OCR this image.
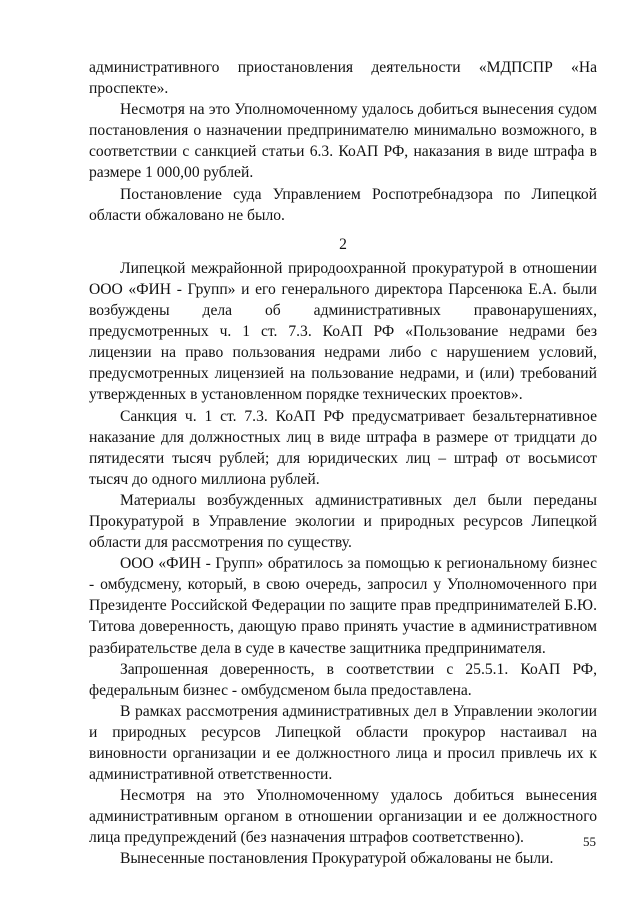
административного приостановления деятельности «МДПСПР «На проспекте».

Несмотря на это Уполномоченному удалось добиться вынесения судом постановления о назначении предпринимателю минимально возможного, в соответствии с санкцией статьи 6.3. КоАП РФ, наказания в виде штрафа в размере 1 000,00 рублей.

Постановление суда Управлением Роспотребнадзора по Липецкой области обжаловано не было.

2

Липецкой межрайонной природоохранной прокуратурой в отношении ООО «ФИН - Групп» и его генерального директора Парсенюка Е.А. были возбуждены дела об административных правонарушениях, предусмотренных ч. 1 ст. 7.3. КоАП РФ «Пользование недрами без лицензии на право пользования недрами либо с нарушением условий, предусмотренных лицензией на пользование недрами, и (или) требований утвержденных в установленном порядке технических проектов».

Санкция ч. 1 ст. 7.3. КоАП РФ предусматривает безальтернативное наказание для должностных лиц в виде штрафа в размере от тридцати до пятидесяти тысяч рублей; для юридических лиц – штраф от восьмисот тысяч до одного миллиона рублей.

Материалы возбужденных административных дел были переданы Прокуратурой в Управление экологии и природных ресурсов Липецкой области для рассмотрения по существу.

ООО «ФИН - Групп» обратилось за помощью к региональному бизнес - омбудсмену, который, в свою очередь, запросил у Уполномоченного при Президенте Российской Федерации по защите прав предпринимателей Б.Ю. Титова доверенность, дающую право принять участие в административном разбирательстве дела в суде в качестве защитника предпринимателя.

Запрошенная доверенность, в соответствии с 25.5.1. КоАП РФ, федеральным бизнес - омбудсменом была предоставлена.

В рамках рассмотрения административных дел в Управлении экологии и природных ресурсов Липецкой области прокурор настаивал на виновности организации и ее должностного лица и просил привлечь их к административной ответственности.

Несмотря на это Уполномоченному удалось добиться вынесения административным органом в отношении организации и ее должностного лица предупреждений (без назначения штрафов соответственно).

Вынесенные постановления Прокуратурой обжалованы не были.

55
